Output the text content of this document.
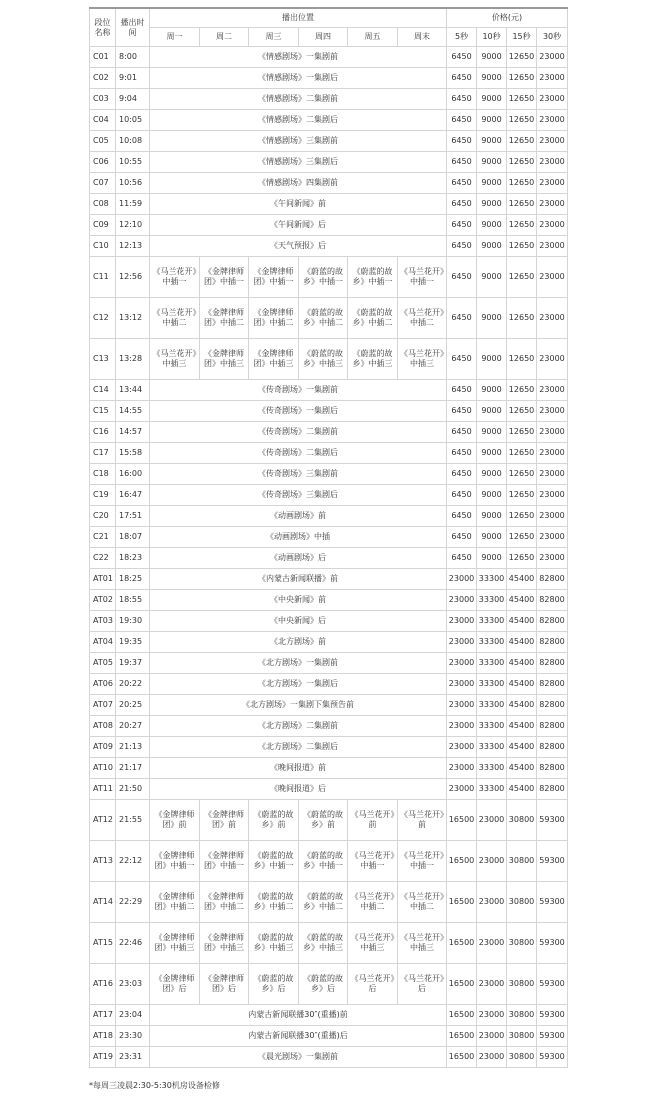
段位名称	播出时间	播出位置						价格(元)			
		周一	周二	周三	周四	周五	周末	5秒	10秒	15秒	30秒
C01	8:00	《情感剧场》一集剧前						6450	9000	12650	23000
C02	9:01	《情感剧场》一集剧后						6450	9000	12650	23000
C03	9:04	《情感剧场》二集剧前						6450	9000	12650	23000
C04	10:05	《情感剧场》二集剧后						6450	9000	12650	23000
C05	10:08	《情感剧场》三集剧前						6450	9000	12650	23000
C06	10:55	《情感剧场》三集剧后						6450	9000	12650	23000
C07	10:56	《情感剧场》四集剧前						6450	9000	12650	23000
C08	11:59	《午间新闻》前						6450	9000	12650	23000
C09	12:10	《午间新闻》后						6450	9000	12650	23000
C10	12:13	《天气预报》后						6450	9000	12650	23000
C11	12:56	《马兰花开》中插一	《金牌律师团》中插一	《金牌律师团》中插一	《蔚蓝的故乡》中插一	《蔚蓝的故乡》中插一	《马兰花开》中插一	6450	9000	12650	23000
C12	13:12	《马兰花开》中插二	《金牌律师团》中插二	《金牌律师团》中插二	《蔚蓝的故乡》中插二	《蔚蓝的故乡》中插二	《马兰花开》中插二	6450	9000	12650	23000
C13	13:28	《马兰花开》中插三	《金牌律师团》中插三	《金牌律师团》中插三	《蔚蓝的故乡》中插三	《蔚蓝的故乡》中插三	《马兰花开》中插三	6450	9000	12650	23000
C14	13:44	《传奇剧场》一集剧前						6450	9000	12650	23000
C15	14:55	《传奇剧场》一集剧后						6450	9000	12650	23000
C16	14:57	《传奇剧场》二集剧前						6450	9000	12650	23000
C17	15:58	《传奇剧场》二集剧后						6450	9000	12650	23000
C18	16:00	《传奇剧场》三集剧前						6450	9000	12650	23000
C19	16:47	《传奇剧场》三集剧后						6450	9000	12650	23000
C20	17:51	《动画剧场》前						6450	9000	12650	23000
C21	18:07	《动画剧场》中插						6450	9000	12650	23000
C22	18:23	《动画剧场》后						6450	9000	12650	23000
AT01	18:25	《内蒙古新闻联播》前						23000	33300	45400	82800
AT02	18:55	《中央新闻》前						23000	33300	45400	82800
AT03	19:30	《中央新闻》后						23000	33300	45400	82800
AT04	19:35	《北方剧场》前						23000	33300	45400	82800
AT05	19:37	《北方剧场》一集剧前						23000	33300	45400	82800
AT06	20:22	《北方剧场》一集剧后						23000	33300	45400	82800
AT07	20:25	《北方剧场》一集剧下集预告前						23000	33300	45400	82800
AT08	20:27	《北方剧场》二集剧前						23000	33300	45400	82800
AT09	21:13	《北方剧场》二集剧后						23000	33300	45400	82800
AT10	21:17	《晚间报道》前						23000	33300	45400	82800
AT11	21:50	《晚间报道》后						23000	33300	45400	82800
AT12	21:55	《金牌律师团》前	《金牌律师团》前	《蔚蓝的故乡》前	《蔚蓝的故乡》前	《马兰花开》前	《马兰花开》前	16500	23000	30800	59300
AT13	22:12	《金牌律师团》中插一	《金牌律师团》中插一	《蔚蓝的故乡》中插一	《蔚蓝的故乡》中插一	《马兰花开》中插一	《马兰花开》中插一	16500	23000	30800	59300
AT14	22:29	《金牌律师团》中插二	《金牌律师团》中插二	《蔚蓝的故乡》中插二	《蔚蓝的故乡》中插二	《马兰花开》中插二	《马兰花开》中插二	16500	23000	30800	59300
AT15	22:46	《金牌律师团》中插三	《金牌律师团》中插三	《蔚蓝的故乡》中插三	《蔚蓝的故乡》中插三	《马兰花开》中插三	《马兰花开》中插三	16500	23000	30800	59300
AT16	23:03	《金牌律师团》后	《金牌律师团》后	《蔚蓝的故乡》后	《蔚蓝的故乡》后	《马兰花开》后	《马兰花开》后	16500	23000	30800	59300
AT17	23:04	内蒙古新闻联播30″(重播)前						16500	23000	30800	59300
AT18	23:30	内蒙古新闻联播30″(重播)后						16500	23000	30800	59300
AT19	23:31	《晨光剧场》一集剧前						16500	23000	30800	59300
*每周三凌晨2:30-5:30机房设备检修
